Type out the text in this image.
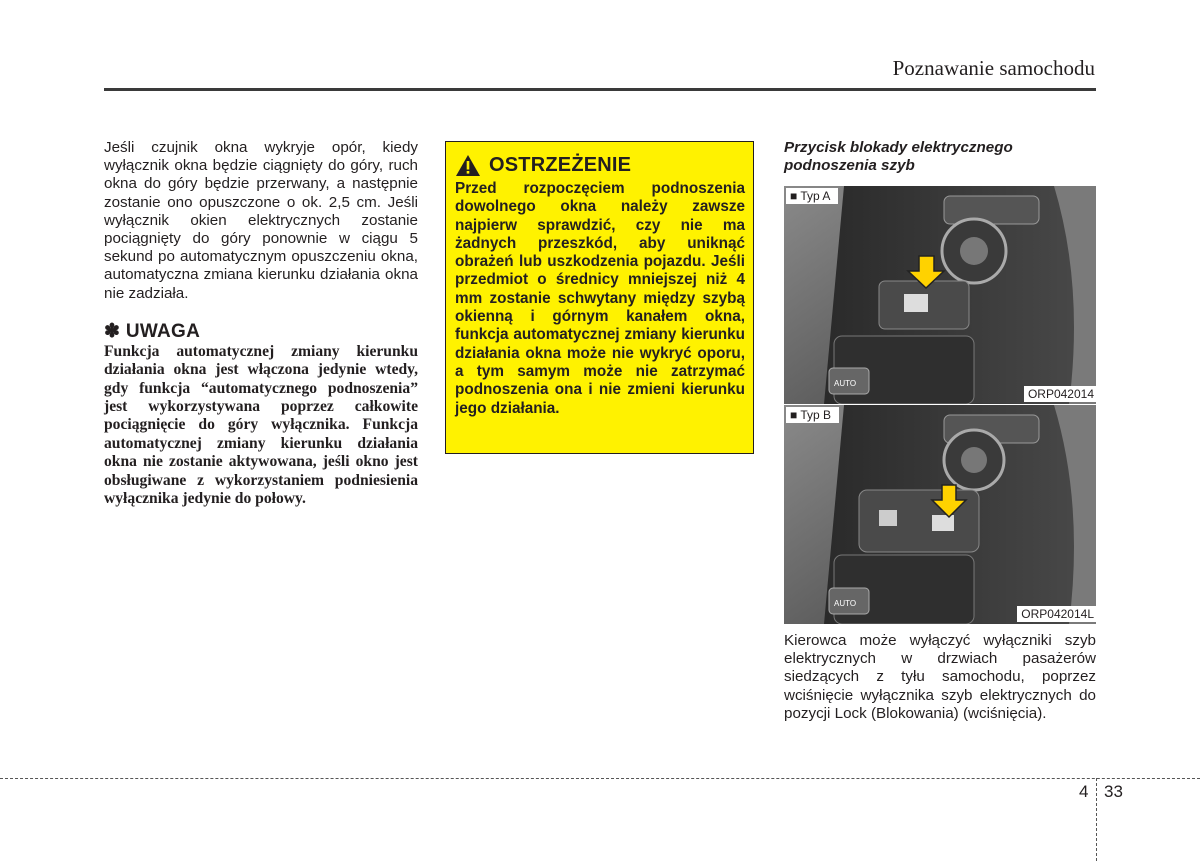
Poznawanie samochodu

Jeśli czujnik okna wykryje opór, kiedy wyłącznik okna będzie ciągnięty do góry, ruch okna do góry będzie przerwany, a następnie zostanie ono opuszczone o ok. 2,5 cm. Jeśli wyłącznik okien elektrycznych zostanie pociągnięty do góry ponownie w ciągu 5 sekund po automatycznym opuszczeniu okna, automatyczna zmiana kierunku działania okna nie zadziała.

✽ UWAGA

Funkcja automatycznej zmiany kierunku działania okna jest włączona jedynie wtedy, gdy funkcja “automatycznego podnoszenia” jest wykorzystywana poprzez całkowite pociągnięcie do góry wyłącznika. Funkcja automatycznej zmiany kierunku działania okna nie zostanie aktywowana, jeśli okno jest obsługiwane z wykorzystaniem podniesienia wyłącznika jedynie do połowy.

OSTRZEŻENIE

Przed rozpoczęciem podnoszenia dowolnego okna należy zawsze najpierw sprawdzić, czy nie ma żadnych przeszkód, aby uniknąć obrażeń lub uszkodzenia pojazdu. Jeśli przedmiot o średnicy mniejszej niż 4 mm zostanie schwytany między szybą okienną i górnym kanałem okna, funkcja automatycznej zmiany kierunku działania okna może nie wykryć oporu, a tym samym może nie zatrzymać podnoszenia ona i nie zmieni kierunku jego działania.

Przycisk blokady elektrycznego podnoszenia szyb

AUTO
■ Typ A
ORP042014
AUTO
■ Typ B
ORP042014L

Kierowca może wyłączyć wyłączniki szyb elektrycznych w drzwiach pasażerów siedzących z tyłu samochodu, poprzez wciśnięcie wyłącznika szyb elektrycznych do pozycji Lock (Blokowania) (wciśnięcia).

4 33
